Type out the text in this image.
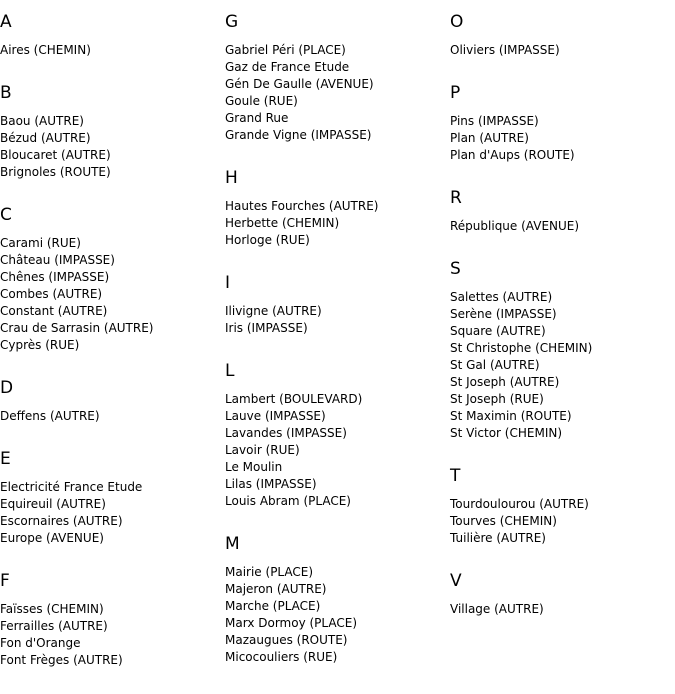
A
Aires (CHEMIN)
B
Baou (AUTRE)
Bézud (AUTRE)
Bloucaret (AUTRE)
Brignoles (ROUTE)
C
Carami (RUE)
Château (IMPASSE)
Chênes (IMPASSE)
Combes (AUTRE)
Constant (AUTRE)
Crau de Sarrasin (AUTRE)
Cyprès (RUE)
D
Deffens (AUTRE)
E
Electricité France Etude
Equireuil (AUTRE)
Escornaires (AUTRE)
Europe (AVENUE)
F
Faïsses (CHEMIN)
Ferrailles (AUTRE)
Fon d'Orange
Font Frèges (AUTRE)
G
Gabriel Péri (PLACE)
Gaz de France Etude
Gén De Gaulle (AVENUE)
Goule (RUE)
Grand Rue
Grande Vigne (IMPASSE)
H
Hautes Fourches (AUTRE)
Herbette (CHEMIN)
Horloge (RUE)
I
Ilivigne (AUTRE)
Iris (IMPASSE)
L
Lambert (BOULEVARD)
Lauve (IMPASSE)
Lavandes (IMPASSE)
Lavoir (RUE)
Le Moulin
Lilas (IMPASSE)
Louis Abram (PLACE)
M
Mairie (PLACE)
Majeron (AUTRE)
Marche (PLACE)
Marx Dormoy (PLACE)
Mazaugues (ROUTE)
Micocouliers (RUE)
O
Oliviers (IMPASSE)
P
Pins (IMPASSE)
Plan (AUTRE)
Plan d'Aups (ROUTE)
R
République (AVENUE)
S
Salettes (AUTRE)
Serène (IMPASSE)
Square (AUTRE)
St Christophe (CHEMIN)
St Gal (AUTRE)
St Joseph (AUTRE)
St Joseph (RUE)
St Maximin (ROUTE)
St Victor (CHEMIN)
T
Tourdoulourou (AUTRE)
Tourves (CHEMIN)
Tuilière (AUTRE)
V
Village (AUTRE)
